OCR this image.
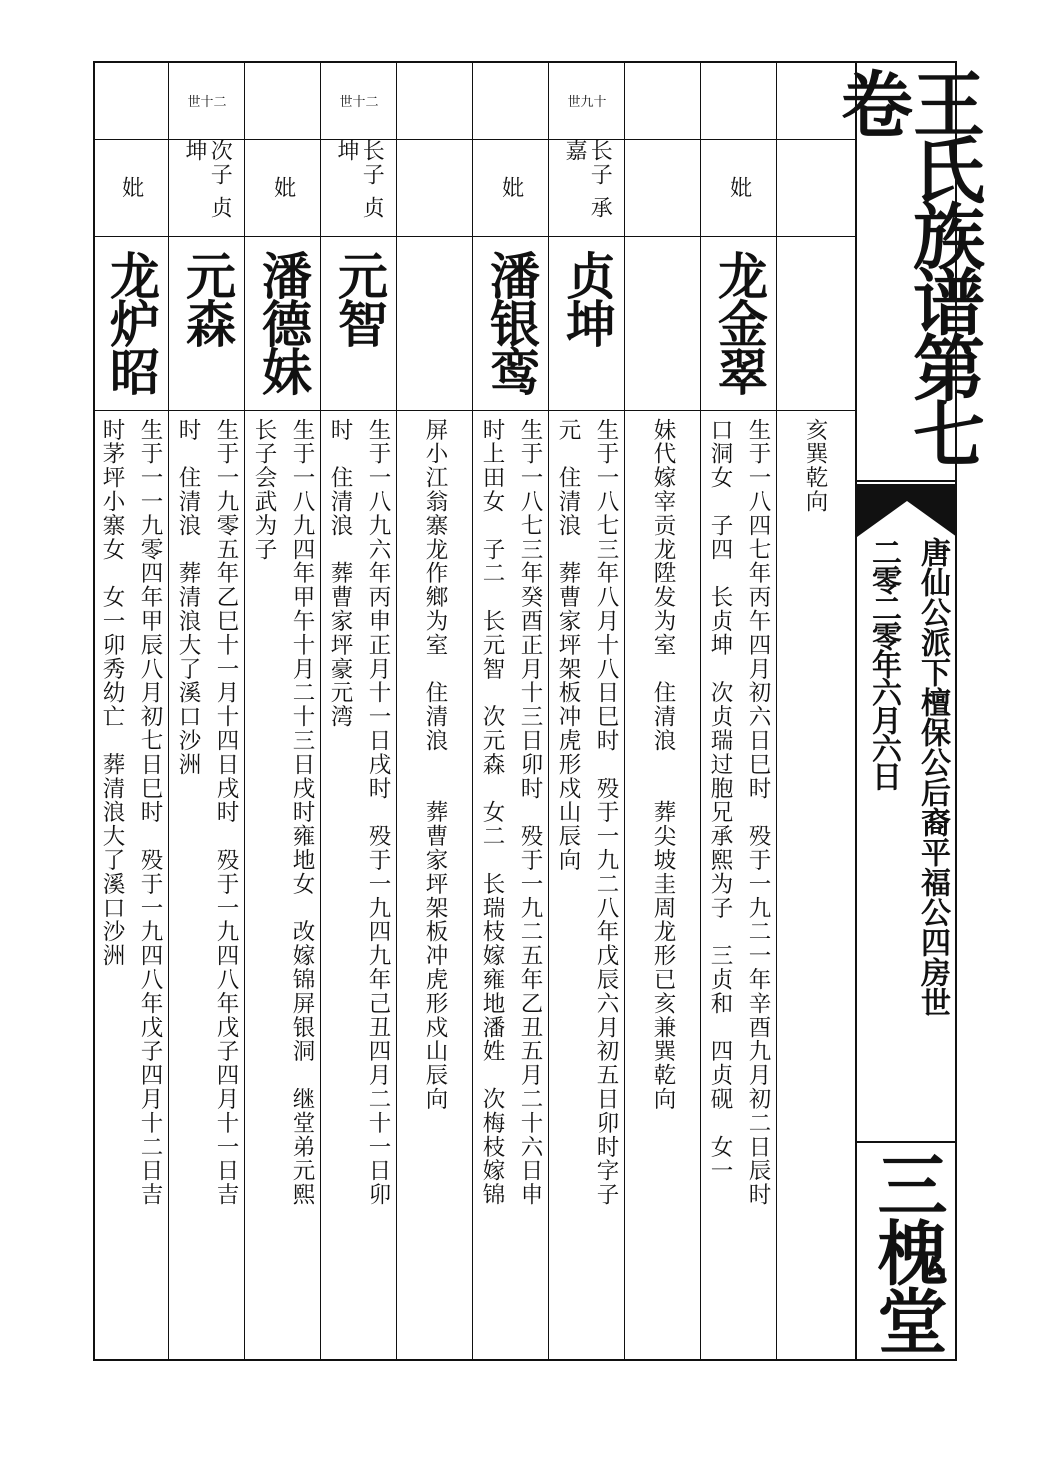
妣
龙炉昭
生于一一九零四年甲辰八月初七日巳时　殁于一九四八年戊子四月十二日吉
时茅坪小寨女　女一卯秀幼亡　葬清浪大了溪口沙洲
世十二
次子 贞坤
元森
生于一九零五年乙巳十一月十四日戌时　殁于一九四八年戊子四月十一日吉
时　住清浪　葬清浪大了溪口沙洲
妣
潘德妹
生于一八九四年甲午十月二十三日戌时雍地女　改嫁锦屏银洞　继堂弟元熙
长子会武为子
世十二
长子 贞坤
元智
生于一八九六年丙申正月十一日戌时　殁于一九四九年己丑四月二十一日卯
时　住清浪　葬曹家坪豪元湾	屏小江翁寨龙作鄉为室　住清浪　　葬曹家坪架板冲虎形戍山辰向
妣
潘银鸾
生于一八七三年癸酉正月十三日卯时　殁于一九二五年乙丑五月二十六日申
时上田女　子二　长元智　次元森　女二　长瑞枝嫁雍地潘姓　次梅枝嫁锦
世九十
长子 承嘉
贞坤
生于一八七三年八月十八日巳时　殁于一九二八年戊辰六月初五日卯时字子
元　住清浪　葬曹家坪架板冲虎形戍山辰向	妹代嫁宰贡龙陞发为室　住清浪　　葬尖坡圭周龙形已亥兼巽乾向
妣
龙金翠
生于一八四七年丙午四月初六日巳时　殁于一九二一年辛酉九月初二日辰时
口洞女　子四　长贞坤　次贞瑞过胞兄承熙为子　三贞和　四贞砚　女一
亥巽乾向
王氏族谱第七卷
唐仙公派下檀保公后裔平福公四房世
二零二零年六月六日
三槐堂
